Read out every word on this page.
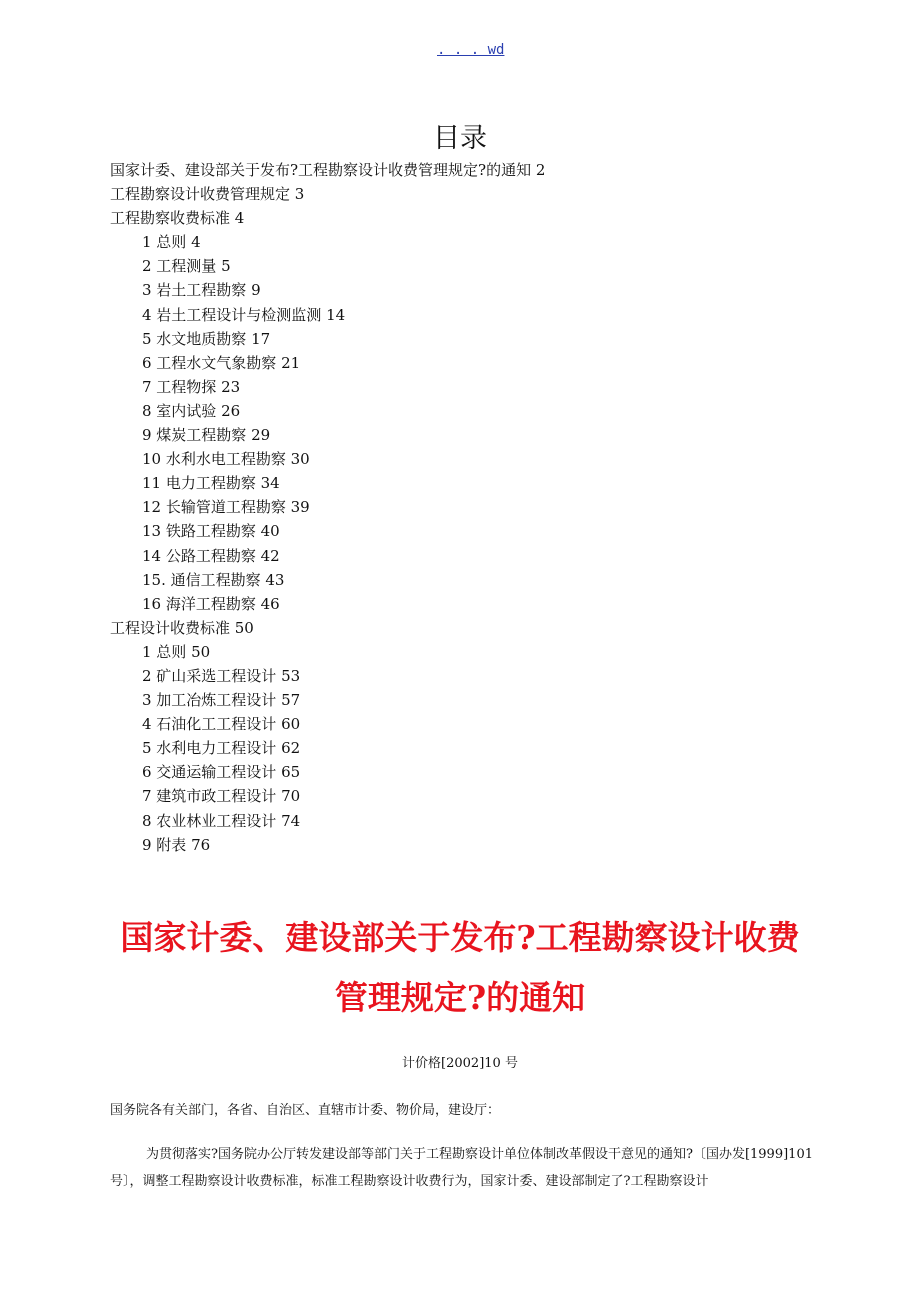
. . . wd
目录
国家计委、建设部关于发布?工程勘察设计收费管理规定?的通知 2
工程勘察设计收费管理规定 3
工程勘察收费标准 4
1 总则 4
2 工程测量 5
3 岩土工程勘察 9
4 岩土工程设计与检测监测 14
5 水文地质勘察 17
6 工程水文气象勘察 21
7 工程物探 23
8 室内试验 26
9 煤炭工程勘察 29
10 水利水电工程勘察 30
11 电力工程勘察 34
12 长输管道工程勘察 39
13 铁路工程勘察 40
14 公路工程勘察 42
15. 通信工程勘察 43
16 海洋工程勘察 46
工程设计收费标准 50
1 总则 50
2 矿山采选工程设计 53
3 加工冶炼工程设计 57
4 石油化工工程设计 60
5 水利电力工程设计 62
6 交通运输工程设计 65
7 建筑市政工程设计 70
8 农业林业工程设计 74
9 附表 76
国家计委、建设部关于发布?工程勘察设计收费
管理规定?的通知
计价格[2002]10 号
国务院各有关部门，各省、自治区、直辖市计委、物价局，建设厅：
为贯彻落实?国务院办公厅转发建设部等部门关于工程勘察设计单位体制改革假设干意见的通知?〔国办发[1999]101 号〕，调整工程勘察设计收费标准，标准工程勘察设计收费行为，国家计委、建设部制定了?工程勘察设计
